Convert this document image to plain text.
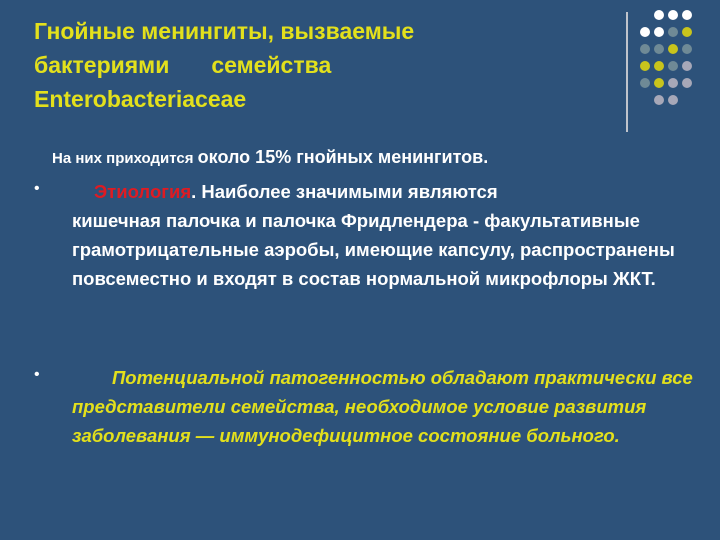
Гнойные менингиты, вызваемые
бактериями семейства
Enterobacteriaceae
На них приходится около 15% гнойных менингитов.
•	Этиология. Наиболее значимыми являются
кишечная палочка и палочка Фридлендера - факультативные грамотрицательные аэробы, имеющие капсулу, распространены повсеместно и входят в состав нормальной микрофлоры ЖКТ.
•	Потенциальной патогенностью обладают практически все представители семейства, необходимое условие развития заболевания — иммунодефицитное состояние больного.
